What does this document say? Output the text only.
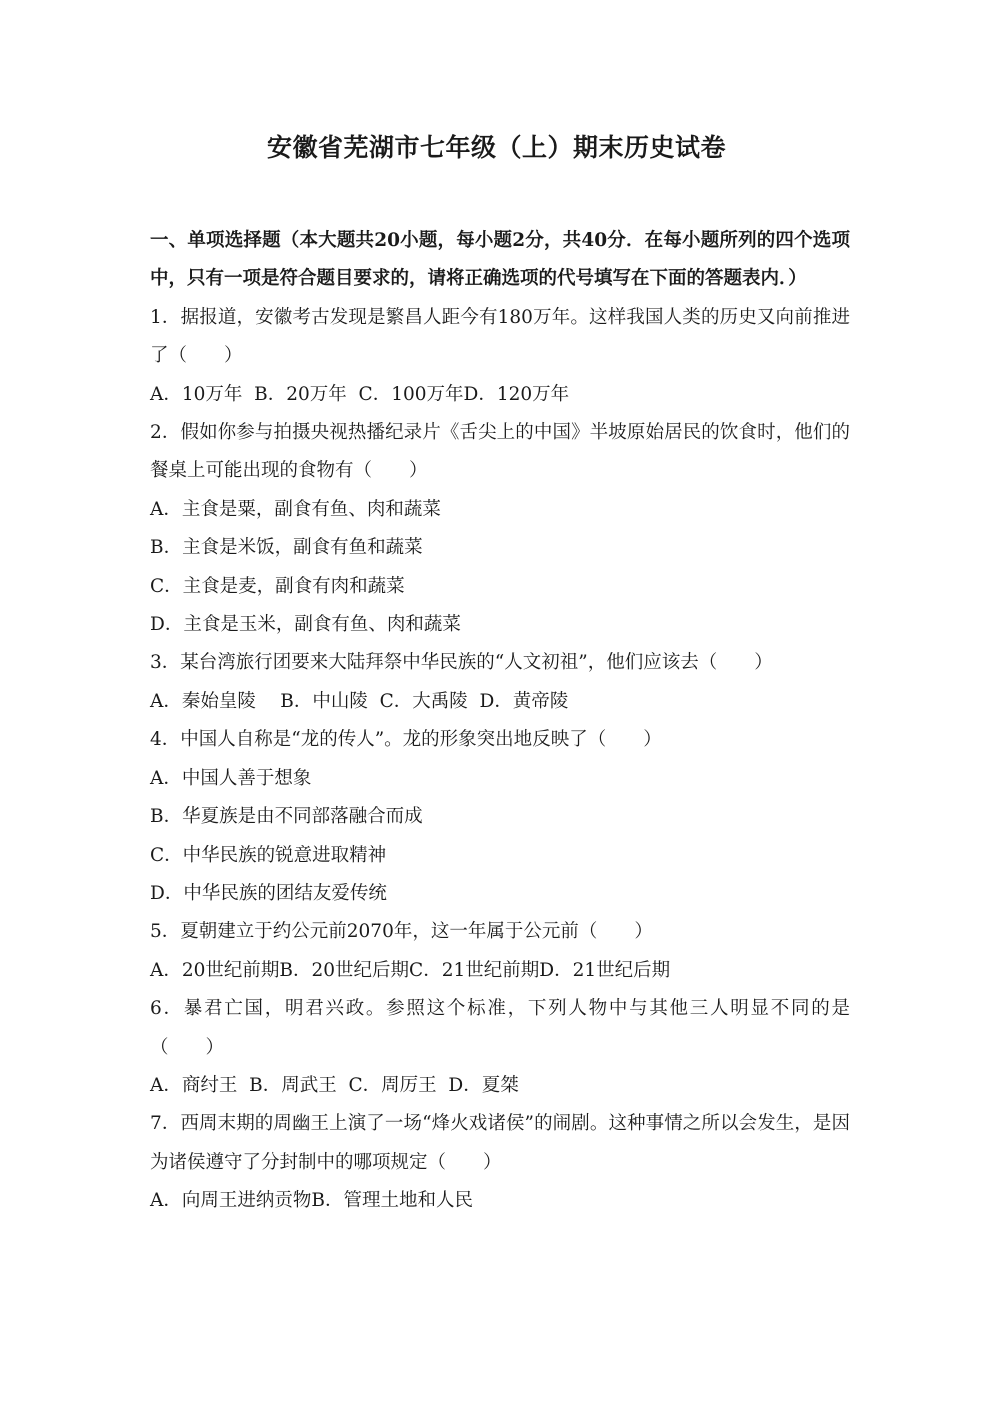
安徽省芜湖市七年级（上）期末历史试卷

一、单项选择题（本大题共20小题，每小题2分，共40分．在每小题所列的四个选项中，只有一项是符合题目要求的，请将正确选项的代号填写在下面的答题表内．）

1．据报道，安徽考古发现是繁昌人距今有180万年。这样我国人类的历史又向前推进了（　　）

A．10万年  B．20万年  C．100万年D．120万年

2．假如你参与拍摄央视热播纪录片《舌尖上的中国》半坡原始居民的饮食时，他们的餐桌上可能出现的食物有（　　）

A．主食是粟，副食有鱼、肉和蔬菜

B．主食是米饭，副食有鱼和蔬菜

C．主食是麦，副食有肉和蔬菜

D．主食是玉米，副食有鱼、肉和蔬菜

3．某台湾旅行团要来大陆拜祭中华民族的“人文初祖”，他们应该去（　　）

A．秦始皇陵　 B．中山陵  C．大禹陵  D．黄帝陵

4．中国人自称是“龙的传人”。龙的形象突出地反映了（　　）

A．中国人善于想象

B．华夏族是由不同部落融合而成

C．中华民族的锐意进取精神

D．中华民族的团结友爱传统

5．夏朝建立于约公元前2070年，这一年属于公元前（　　）

A．20世纪前期B．20世纪后期C．21世纪前期D．21世纪后期

6．暴君亡国，明君兴政。参照这个标准，下列人物中与其他三人明显不同的是（　　）

A．商纣王  B．周武王  C．周厉王  D．夏桀

7．西周末期的周幽王上演了一场“烽火戏诸侯”的闹剧。这种事情之所以会发生，是因为诸侯遵守了分封制中的哪项规定（　　）

A．向周王进纳贡物B．管理土地和人民
